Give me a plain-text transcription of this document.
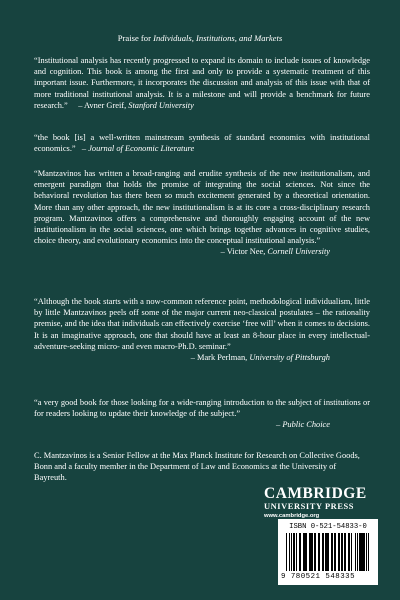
Praise for Individuals, Institutions, and Markets
“Institutional analysis has recently progressed to expand its domain to include issues of knowledge and cognition. This book is among the first and only to provide a systematic treatment of this important issue. Furthermore, it incorporates the discussion and analysis of this issue with that of more traditional institutional analysis. It is a milestone and will provide a benchmark for future research.” – Avner Greif, Stanford University
“the book [is] a well-written mainstream synthesis of standard economics with institutional economics.” – Journal of Economic Literature
“Mantzavinos has written a broad-ranging and erudite synthesis of the new institutionalism, and emergent paradigm that holds the promise of integrating the social sciences. Not since the behavioral revolution has there been so much excitement generated by a theoretical orientation. More than any other approach, the new institutionalism is at its core a cross-disciplinary research program. Mantzavinos offers a comprehensive and thoroughly engaging account of the new institutionalism in the social sciences, one which brings together advances in cognitive studies, choice theory, and evolutionary economics into the conceptual institutional analysis.”
– Victor Nee, Cornell University
“Although the book starts with a now-common reference point, methodological individualism, little by little Mantzavinos peels off some of the major current neo-classical postulates – the rationality premise, and the idea that individuals can effectively exercise ‘free will’ when it comes to decisions. It is an imaginative approach, one that should have at least an 8-hour place in every intellectual-adventure-seeking micro- and even macro-Ph.D. seminar.”
– Mark Perlman, University of Pittsburgh
“a very good book for those looking for a wide-ranging introduction to the subject of institutions or for readers looking to update their knowledge of the subject.”
– Public Choice
C. Mantzavinos is a Senior Fellow at the Max Planck Institute for Research on Collective Goods, Bonn and a faculty member in the Department of Law and Economics at the University of Bayreuth.
CAMBRIDGE
UNIVERSITY PRESS
www.cambridge.org
ISBN 0-521-54833-0
9 780521 548335
